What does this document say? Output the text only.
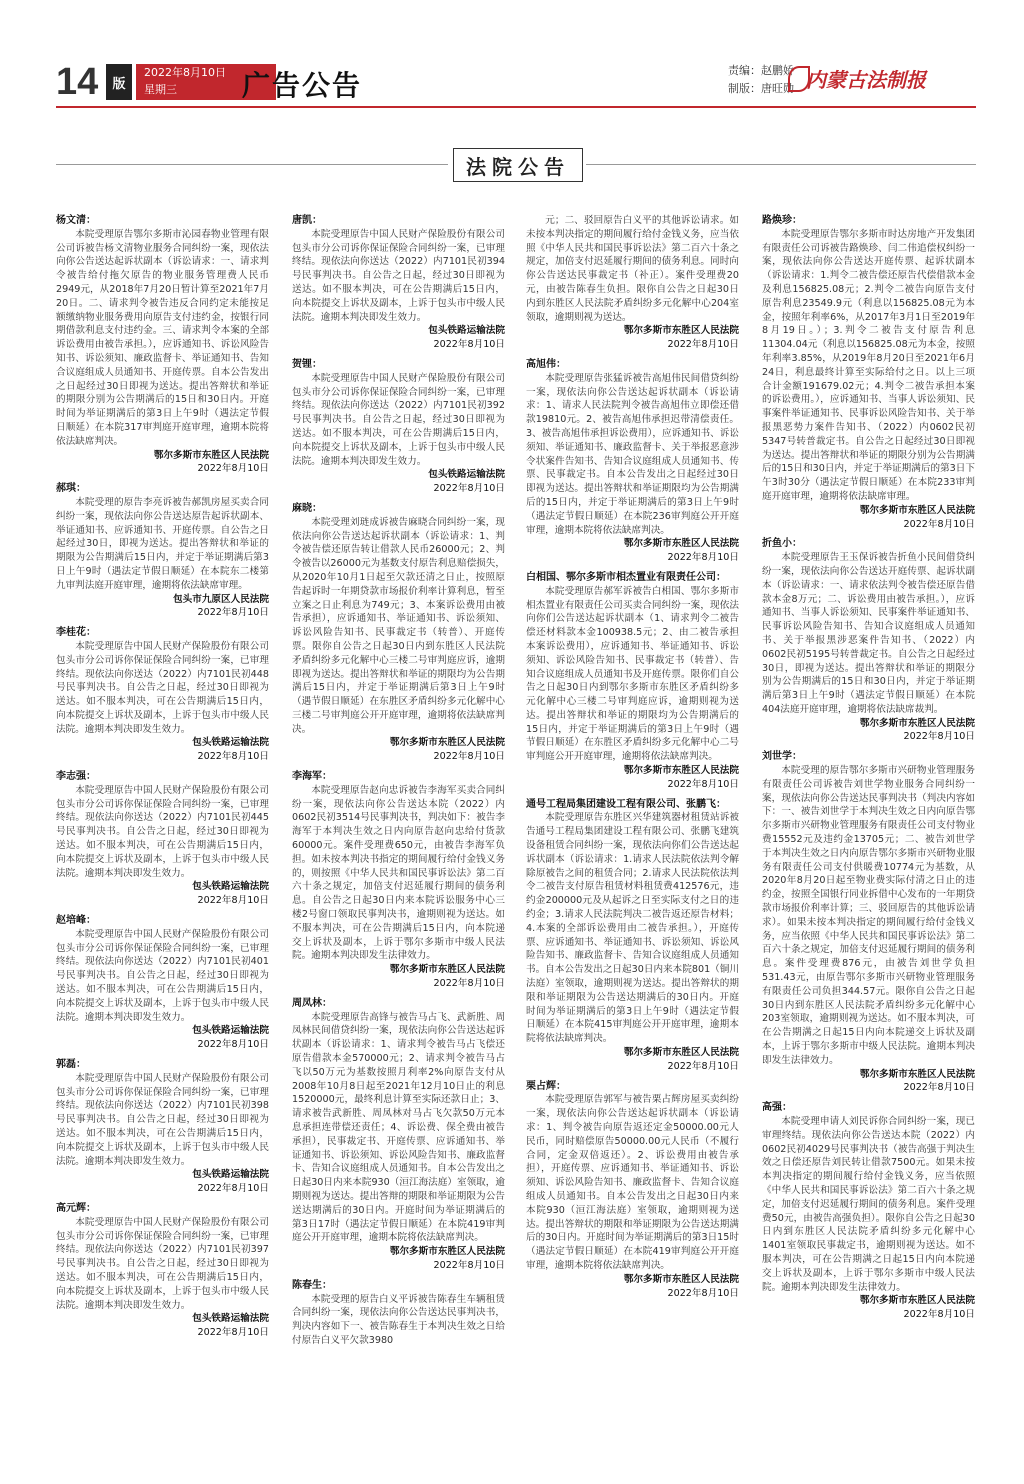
14	版
2022年8月10日
星期三	广告公告	责编：赵鹏娇
制版：唐旺勋 内蒙古法制报
法院公告
杨文清：
本院受理原告鄂尔多斯市沁园春物业管理有限公司诉被告杨文清物业服务合同纠纷一案，现依法向你公告送达起诉状副本（诉讼请求：一、请求判令被告给付拖欠原告的物业服务管理费人民币2949元，从2018年7月20日暂计算至2021年7月20日。二、请求判令被告违反合同约定未能按足额缴纳物业服务费用向原告支付违约金，按银行同期借款利息支付违约金。三、请求判令本案的全部诉讼费用由被告承担。），应诉通知书、诉讼风险告知书、诉讼须知、廉政监督卡、举证通知书、告知合议庭组成人员通知书、开庭传票。自本公告发出之日起经过30日即视为送达。提出答辩状和举证的期限分别为公告期满后的15日和30日内。开庭时间为举证期满后的第3日上午9时（遇法定节假日顺延）在本院317审判庭开庭审理，逾期本院将依法缺席判决。
鄂尔多斯市东胜区人民法院
2022年8月10日
郝琪：
本院受理的原告李亮诉被告郝凯房屋买卖合同纠纷一案，现依法向你公告送达原告起诉状副本、举证通知书、应诉通知书、开庭传票。自公告之日起经过30日，即视为送达。提出答辩状和举证的期限为公告期满后15日内，并定于举证期满后第3日上午9时（遇法定节假日顺延）在本院东二楼第九审判法庭开庭审理，逾期将依法缺席审理。
包头市九原区人民法院
2022年8月10日
李桂花：
本院受理原告中国人民财产保险股份有限公司包头市分公司诉你保证保险合同纠纷一案，已审理终结。现依法向你送达（2022）内7101民初448号民事判决书。自公告之日起，经过30日即视为送达。如不服本判决，可在公告期满后15日内，向本院提交上诉状及副本，上诉于包头市中级人民法院。逾期本判决即发生效力。
包头铁路运输法院
2022年8月10日
李志强：
本院受理原告中国人民财产保险股份有限公司包头市分公司诉你保证保险合同纠纷一案，已审理终结。现依法向你送达（2022）内7101民初445号民事判决书。自公告之日起，经过30日即视为送达。如不服本判决，可在公告期满后15日内，向本院提交上诉状及副本，上诉于包头市中级人民法院。逾期本判决即发生效力。
包头铁路运输法院
2022年8月10日
赵培峰：
本院受理原告中国人民财产保险股份有限公司包头市分公司诉你保证保险合同纠纷一案，已审理终结。现依法向你送达（2022）内7101民初401号民事判决书。自公告之日起，经过30日即视为送达。如不服本判决，可在公告期满后15日内，向本院提交上诉状及副本，上诉于包头市中级人民法院。逾期本判决即发生效力。
包头铁路运输法院
2022年8月10日
郭磊：
本院受理原告中国人民财产保险股份有限公司包头市分公司诉你保证保险合同纠纷一案，已审理终结。现依法向你送达（2022）内7101民初398号民事判决书。自公告之日起，经过30日即视为送达。如不服本判决，可在公告期满后15日内，向本院提交上诉状及副本，上诉于包头市中级人民法院。逾期本判决即发生效力。
包头铁路运输法院
2022年8月10日
高元辉：
本院受理原告中国人民财产保险股份有限公司包头市分公司诉你保证保险合同纠纷一案，已审理终结。现依法向你送达（2022）内7101民初397号民事判决书。自公告之日起，经过30日即视为送达。如不服本判决，可在公告期满后15日内，向本院提交上诉状及副本，上诉于包头市中级人民法院。逾期本判决即发生效力。
包头铁路运输法院
2022年8月10日
唐凯：
本院受理原告中国人民财产保险股份有限公司包头市分公司诉你保证保险合同纠纷一案，已审理终结。现依法向你送达（2022）内7101民初394号民事判决书。自公告之日起，经过30日即视为送达。如不服本判决，可在公告期满后15日内，向本院提交上诉状及副本，上诉于包头市中级人民法院。逾期本判决即发生效力。
包头铁路运输法院
2022年8月10日
贺锂：
本院受理原告中国人民财产保险股份有限公司包头市分公司诉你保证保险合同纠纷一案，已审理终结。现依法向你送达（2022）内7101民初392号民事判决书。自公告之日起，经过30日即视为送达。如不服本判决，可在公告期满后15日内，向本院提交上诉状及副本，上诉于包头市中级人民法院。逾期本判决即发生效力。
包头铁路运输法院
2022年8月10日
麻晓：
本院受理刘琏成诉被告麻晓合同纠纷一案，现依法向你公告送达起诉状副本（诉讼请求：1、判令被告偿还原告转让借款人民币26000元；2、判令被告以26000元为基数支付原告利息赔偿损失，从2020年10月1日起至欠款还清之日止，按照原告起诉时一年期贷款市场报价利率计算利息，暂至立案之日止利息为749元；3、本案诉讼费用由被告承担），应诉通知书、举证通知书、诉讼须知、诉讼风险告知书、民事裁定书（转普）、开庭传票。限你自公告之日起30日内到东胜区人民法院矛盾纠纷多元化解中心三楼二号审判庭应诉，逾期即视为送达。提出答辩状和举证的期限均为公告期满后15日内，并定于举证期满后第3日上午9时（遇节假日顺延）在东胜区矛盾纠纷多元化解中心三楼二号审判庭公开开庭审理，逾期将依法缺席判决。
鄂尔多斯市东胜区人民法院
2022年8月10日
李海军：
本院受理原告赵向忠诉被告李海军买卖合同纠纷一案，现依法向你公告送达本院（2022）内0602民初3514号民事判决书，判决如下：被告李海军于本判决生效之日内向原告赵向忠给付货款60000元。案件受理费650元，由被告李海军负担。如未按本判决书指定的期间履行给付金钱义务的，则按照《中华人民共和国民事诉讼法》第二百六十条之规定，加倍支付迟延履行期间的债务利息。自公告之日起30日内来本院诉讼服务中心三楼2号窗口领取民事判决书，逾期则视为送达。如不服本判决，可在公告期满后15日内，向本院递交上诉状及副本，上诉于鄂尔多斯市中级人民法院。逾期本判决即发生法律效力。
鄂尔多斯市东胜区人民法院
2022年8月10日
周凤林：
本院受理原告高锋与被告马占飞、武新胜、周凤林民间借贷纠纷一案，现依法向你公告送达起诉状副本（诉讼请求：1、请求判令被告马占飞偿还原告借款本金570000元；2、请求判令被告马占飞以50万元为基数按照月利率2%向原告支付从2008年10月8日起至2021年12月10日止的利息1520000元，最终利息计算至实际还款日止；3、请求被告武新胜、周凤林对马占飞欠款50万元本息承担连带偿还责任；4、诉讼费、保全费由被告承担），民事裁定书、开庭传票、应诉通知书、举证通知书、诉讼须知、诉讼风险告知书、廉政监督卡、告知合议庭组成人员通知书。自本公告发出之日起30日内来本院930（洹江海法庭）室领取，逾期则视为送达。提出答辩的期限和举证期限为公告送达期满后的30日内。开庭时间为举证期满后的第3日17时（遇法定节假日顺延）在本院419审判庭公开开庭审理，逾期本院将依法缺席判决。
鄂尔多斯市东胜区人民法院
2022年8月10日
陈春生：
本院受理的原告白义平诉被告陈春生车辆租赁合同纠纷一案，现依法向你公告送达民事判决书，判决内容如下一、被告陈春生于本判决生效之日给付原告白义平欠款3980
元；二、驳回原告白义平的其他诉讼请求。如未按本判决指定的期间履行给付金钱义务，应当依照《中华人民共和国民事诉讼法》第二百六十条之规定，加倍支付迟延履行期间的债务利息。同时向你公告送达民事裁定书（补正）。案件受理费20元，由被告陈春生负担。限你自公告之日起30日内到东胜区人民法院矛盾纠纷多元化解中心204室领取，逾期则视为送达。
鄂尔多斯市东胜区人民法院
2022年8月10日
高旭伟：
本院受理原告张猛诉被告高旭伟民间借贷纠纷一案，现依法向你公告送达起诉状副本（诉讼请求：1、请求人民法院判令被告高旭伟立即偿还借款19810元。2、被告高旭伟承担迟带清偿责任。3、被告高旭伟承担诉讼费用），应诉通知书、诉讼须知、举证通知书、廉政监督卡、关于举报恶意涉令状案件告知书、告知合议庭组成人员通知书、传票、民事裁定书。自本公告发出之日起经过30日即视为送达。提出答辩状和举证期限均为公告期满后的15日内，并定于举证期满后的第3日上午9时（遇法定节假日顺延）在本院236审判庭公开开庭审理，逾期本院将依法缺席判决。
鄂尔多斯市东胜区人民法院
2022年8月10日
白相国、鄂尔多斯市相杰置业有限责任公司：
本院受理原告郝军诉被告白相国、鄂尔多斯市相杰置业有限责任公司买卖合同纠纷一案，现依法向你们公告送达起诉状副本（1、请求判令二被告偿还材料款本金100938.5元；2、由二被告承担本案诉讼费用），应诉通知书、举证通知书、诉讼须知、诉讼风险告知书、民事裁定书（转普）、告知合议庭组成人员通知书及开庭传票。限你们自公告之日起30日内到鄂尔多斯市东胜区矛盾纠纷多元化解中心三楼二号审判庭应诉，逾期则视为送达。提出答辩状和举证的期限均为公告期满后的15日内，并定于举证期满后的第3日上午9时（遇节假日顺延）在东胜区矛盾纠纷多元化解中心二号审判庭公开开庭审理，逾期将依法缺席判决。
鄂尔多斯市东胜区人民法院
2022年8月10日
通号工程局集团建设工程有限公司、张鹏飞：
本院受理原告东胜区兴华建筑器材租赁站诉被告通号工程局集团建设工程有限公司、张鹏飞建筑设备租赁合同纠纷一案，现依法向你们公告送达起诉状副本（诉讼请求：1.请求人民法院依法判令解除原被告之间的租赁合同；2.请求人民法院依法判令二被告支付原告租赁材料租赁费412576元，违约金200000元及从起诉之日至实际支付之日的违约金；3.请求人民法院判决二被告返还原告材料；4.本案的全部诉讼费用由二被告承担。），开庭传票、应诉通知书、举证通知书、诉讼须知、诉讼风险告知书、廉政监督卡、告知合议庭组成人员通知书。自本公告发出之日起30日内来本院801（铜川法庭）室领取，逾期则视为送达。提出答辩状的期限和举证期限为公告送达期满后的30日内。开庭时间为举证期满后的第3日上午9时（遇法定节假日顺延）在本院415审判庭公开开庭审理，逾期本院将依法缺席判决。
鄂尔多斯市东胜区人民法院
2022年8月10日
栗占辉：
本院受理原告郭军与被告栗占辉房屋买卖纠纷一案，现依法向你公告送达起诉状副本（诉讼请求：1、判令被告向原告返还定金50000.00元人民币，同时赔偿原告50000.00元人民币（不履行合同，定金双倍返还）。2、诉讼费用由被告承担），开庭传票、应诉通知书、举证通知书、诉讼须知、诉讼风险告知书、廉政监督卡、告知合议庭组成人员通知书。自本公告发出之日起30日内来本院930（洹江海法庭）室领取，逾期则视为送达。提出答辩状的期限和举证期限为公告送达期满后的30日内。开庭时间为举证期满后的第3日15时（遇法定节假日顺延）在本院419审判庭公开开庭审理，逾期本院将依法缺席判决。
鄂尔多斯市东胜区人民法院
2022年8月10日
路焕珍：
本院受理原告鄂尔多斯市时达房地产开发集团有限责任公司诉被告路焕珍、闫二伟追偿权纠纷一案，现依法向你公告送达开庭传票、起诉状副本（诉讼请求：1.判令二被告偿还原告代偿借款本金及利息156825.08元；2.判令二被告向原告支付原告利息23549.9元（利息以156825.08元为本金，按照年利率6%，从2017年3月1日至2019年8月19日。）；3.判令二被告支付原告利息11304.04元（利息以156825.08元为本金，按照年利率3.85%，从2019年8月20日至2021年6月24日，利息最终计算至实际给付之日。以上三项合计金额191679.02元；4.判令二被告承担本案的诉讼费用。），应诉通知书、当事人诉讼须知、民事案件举证通知书、民事诉讼风险告知书、关于举报黑恶势力案件告知书、（2022）内0602民初5347号转普裁定书。自公告之日起经过30日即视为送达。提出答辩状和举证的期限分别为公告期满后的15日和30日内，并定于举证期满后的第3日下午3时30分（遇法定节假日顺延）在本院233审判庭开庭审理，逾期将依法缺席审理。
鄂尔多斯市东胜区人民法院
2022年8月10日
折鱼小：
本院受理原告王玉保诉被告折鱼小民间借贷纠纷一案，现依法向你公告送达开庭传票、起诉状副本（诉讼请求：一、请求依法判令被告偿还原告借款本金8万元；二、诉讼费用由被告承担。），应诉通知书、当事人诉讼须知、民事案件举证通知书、民事诉讼风险告知书、告知合议庭组成人员通知书、关于举报黑涉恶案件告知书、（2022）内0602民初5195号转普裁定书。自公告之日起经过30日，即视为送达。提出答辩状和举证的期限分别为公告期满后的15日和30日内，并定于举证期满后第3日上午9时（遇法定节假日顺延）在本院404法庭开庭审理，逾期将依法缺席裁判。
鄂尔多斯市东胜区人民法院
2022年8月10日
刘世学：
本院受理的原告鄂尔多斯市兴研物业管理服务有限责任公司诉被告刘世学物业服务合同纠纷一案，现依法向你公告送达民事判决书（判决内容如下：一、被告刘世学于本判决生效之日内向原告鄂尔多斯市兴研物业管理服务有限责任公司支付物业费15552元及违约金13705元；二、被告刘世学于本判决生效之日内向原告鄂尔多斯市兴研物业服务有限责任公司支付供暖费10774元为基数，从2020年8月20日起至物业费实际付清之日止的违约金，按照全国银行同业拆借中心发布的一年期贷款市场报价利率计算；三、驳回原告的其他诉讼请求）。如果未按本判决指定的期间履行给付金钱义务，应当依照《中华人民共和国民事诉讼法》第二百六十条之规定，加倍支付迟延履行期间的债务利息。案件受理费876元，由被告刘世学负担531.43元，由原告鄂尔多斯市兴研物业管理服务有限责任公司负担344.57元。限你自公告之日起30日内到东胜区人民法院矛盾纠纷多元化解中心203室领取，逾期则视为送达。如不服本判决，可在公告期满之日起15日内向本院递交上诉状及副本，上诉于鄂尔多斯市中级人民法院。逾期本判决即发生法律效力。
鄂尔多斯市东胜区人民法院
2022年8月10日
高强：
本院受理申请人刘民诉你合同纠纷一案，现已审理终结。现依法向你公告送达本院（2022）内0602民初4029号民事判决书（被告高强于判决生效之日偿还原告刘民转让借款7500元。如果未按本判决指定的期间履行给付金钱义务，应当依照《中华人民共和国民事诉讼法》第二百六十条之规定，加倍支付迟延履行期间的债务利息。案件受理费50元，由被告高强负担）。限你自公告之日起30日内到东胜区人民法院矛盾纠纷多元化解中心1401室领取民事裁定书，逾期则视为送达。如不服本判决，可在公告期满之日起15日内向本院递交上诉状及副本，上诉于鄂尔多斯市中级人民法院。逾期本判决即发生法律效力。
鄂尔多斯市东胜区人民法院
2022年8月10日
